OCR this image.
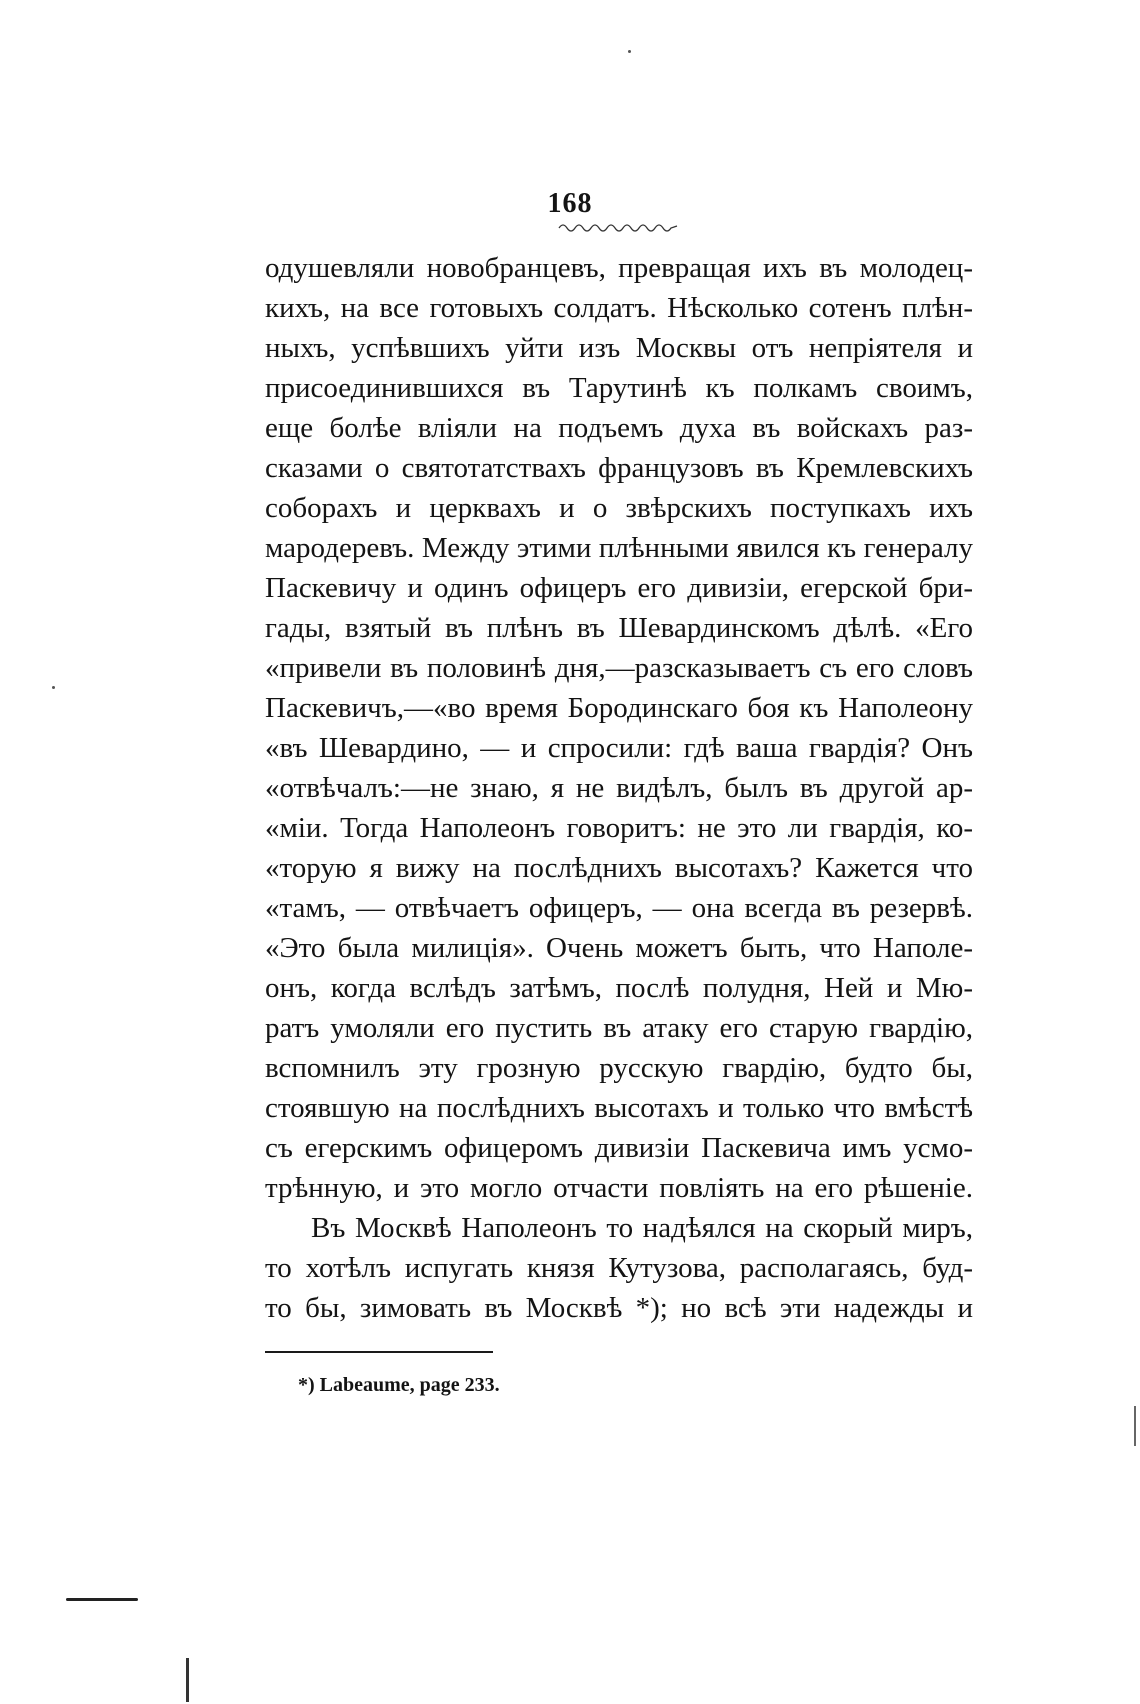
168
одушевляли новобранцевъ, превращая ихъ въ молодец-
кихъ, на все готовыхъ солдатъ. Нѣсколько сотенъ плѣн-
ныхъ, успѣвшихъ уйти изъ Москвы отъ непріятеля и
присоединившихся въ Тарутинѣ къ полкамъ своимъ,
еще болѣе вліяли на подъемъ духа въ войскахъ раз-
сказами о святотатствахъ французовъ въ Кремлевскихъ
соборахъ и церквахъ и о звѣрскихъ поступкахъ ихъ
мародеревъ. Между этими плѣнными явился къ генералу
Паскевичу и одинъ офицеръ его дивизіи, егерской бри-
гады, взятый въ плѣнъ въ Шевардинскомъ дѣлѣ. «Его
«привели въ половинѣ дня,—разсказываетъ съ его словъ
Паскевичъ,—«во время Бородинскаго боя къ Наполеону
«въ Шевардино, — и спросили: гдѣ ваша гвардія? Онъ
«отвѣчалъ:—не знаю, я не видѣлъ, былъ въ другой ар-
«міи. Тогда Наполеонъ говоритъ: не это ли гвардія, ко-
«торую я вижу на послѣднихъ высотахъ? Кажется что
«тамъ, — отвѣчаетъ офицеръ, — она всегда въ резервѣ.
«Это была милиція». Очень можетъ быть, что Наполе-
онъ, когда вслѣдъ затѣмъ, послѣ полудня, Ней и Мю-
ратъ умоляли его пустить въ атаку его старую гвардію,
вспомнилъ эту грозную русскую гвардію, будто бы,
стоявшую на послѣднихъ высотахъ и только что вмѣстѣ
съ егерскимъ офицеромъ дивизіи Паскевича имъ усмо-
трѣнную, и это могло отчасти повліять на его рѣшеніе.
Въ Москвѣ Наполеонъ то надѣялся на скорый миръ,
то хотѣлъ испугать князя Кутузова, располагаясь, буд-
то бы, зимовать въ Москвѣ *); но всѣ эти надежды и
*) Labeaume, page 233.
